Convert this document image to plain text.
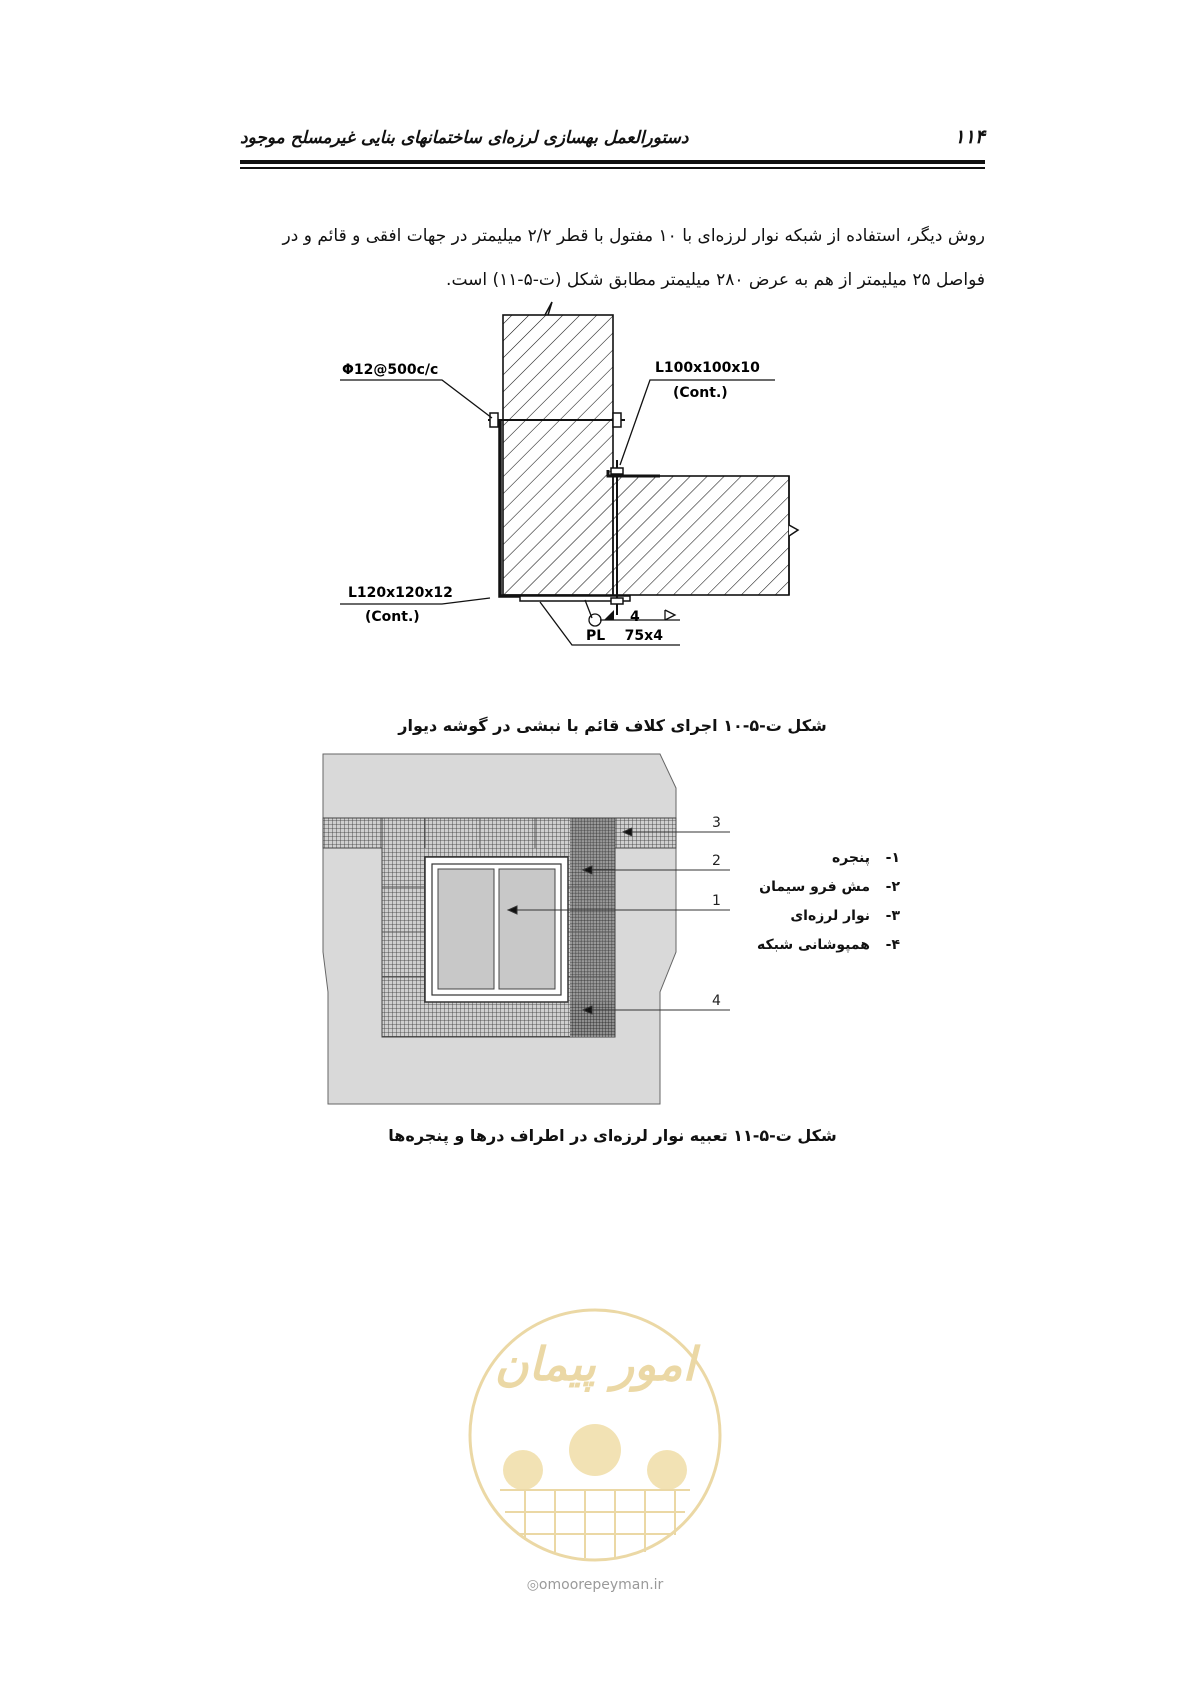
دستورالعمل بهسازی لرزه‌ای ساختمانهای بنایی غیرمسلح موجود	۱۱۴
روش دیگر، استفاده از شبکه نوار لرزه‌ای با ۱۰ مفتول با قطر ۲/۲ میلیمتر در جهات افقی و قائم و در
فواصل ۲۵ میلیمتر از هم به عرض ۲۸۰ میلیمتر مطابق شکل (ت-۵-۱۱) است.
Φ12@500c/c	L100x100x10
(Cont.)
L120x120x12
(Cont.)	4
PL    75x4
شکل ت-۵-۱۰ اجرای کلاف قائم با نبشی در گوشه دیوار
3
2
1
4
۱-پنجره
۲-مش فرو سیمان
۳-نوار لرزه‌ای
۴-همپوشانی شبکه
شکل ت-۵-۱۱ تعبیه نوار لرزه‌ای در اطراف درها و پنجره‌ها
امور پیمان
◎omoorepeyman.ir
